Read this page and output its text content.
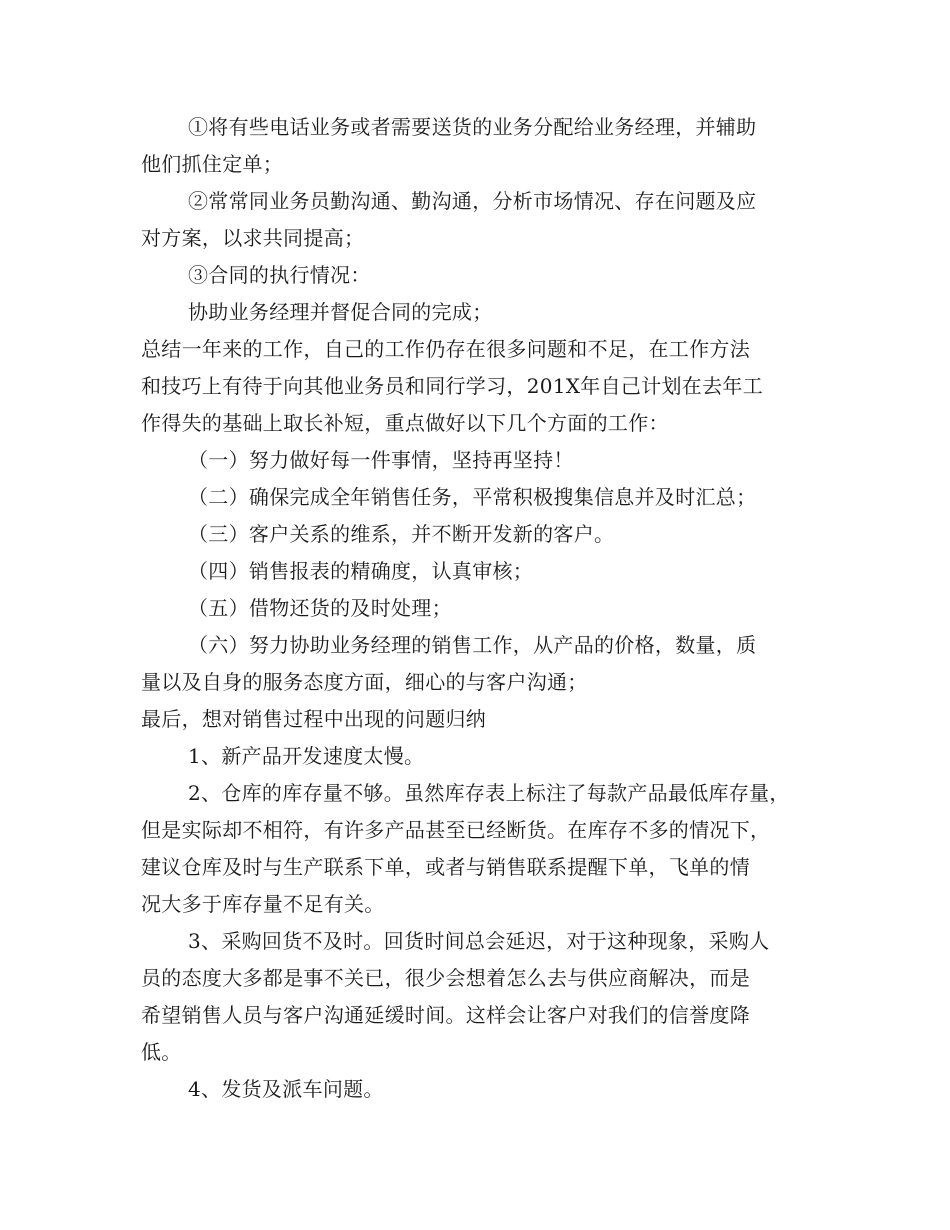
①将有些电话业务或者需要送货的业务分配给业务经理，并辅助
他们抓住定单；
②常常同业务员勤沟通、勤沟通，分析市场情况、存在问题及应
对方案，以求共同提高；
③合同的执行情况：
协助业务经理并督促合同的完成；
总结一年来的工作，自己的工作仍存在很多问题和不足，在工作方法
和技巧上有待于向其他业务员和同行学习，201X年自己计划在去年工
作得失的基础上取长补短，重点做好以下几个方面的工作：
（一）努力做好每一件事情，坚持再坚持！
（二）确保完成全年销售任务，平常积极搜集信息并及时汇总；
（三）客户关系的维系，并不断开发新的客户。
（四）销售报表的精确度，认真审核；
（五）借物还货的及时处理；
（六）努力协助业务经理的销售工作，从产品的价格，数量，质
量以及自身的服务态度方面，细心的与客户沟通；
最后，想对销售过程中出现的问题归纳
1、新产品开发速度太慢。
2、仓库的库存量不够。虽然库存表上标注了每款产品最低库存量，
但是实际却不相符，有许多产品甚至已经断货。在库存不多的情况下，
建议仓库及时与生产联系下单，或者与销售联系提醒下单，飞单的情
况大多于库存量不足有关。
3、采购回货不及时。回货时间总会延迟，对于这种现象，采购人
员的态度大多都是事不关已，很少会想着怎么去与供应商解决，而是
希望销售人员与客户沟通延缓时间。这样会让客户对我们的信誉度降
低。
4、发货及派车问题。
